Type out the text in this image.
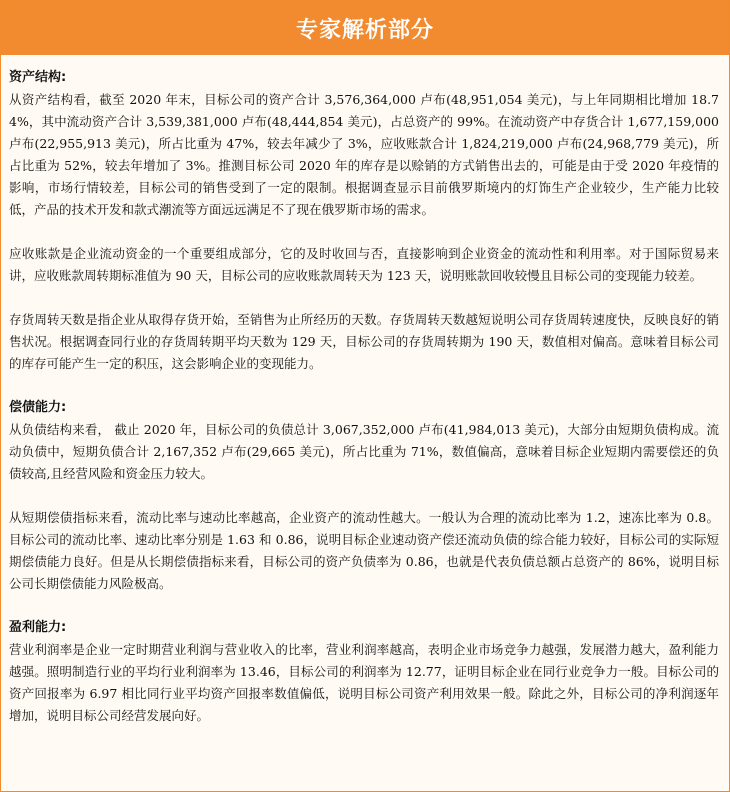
专家解析部分

资产结构:

从资产结构看，截至 2020 年末，目标公司的资产合计 3,576,364,000 卢布(48,951,054 美元)，与上年同期相比增加 18.74%，其中流动资产合计 3,539,381,000 卢布(48,444,854 美元)，占总资产的 99%。在流动资产中存货合计 1,677,159,000 卢布(22,955,913 美元)，所占比重为 47%，较去年减少了 3%，应收账款合计 1,824,219,000 卢布(24,968,779 美元)，所占比重为 52%，较去年增加了 3%。推测目标公司 2020 年的库存是以赊销的方式销售出去的，可能是由于受 2020 年疫情的影响，市场行情较差，目标公司的销售受到了一定的限制。根据调查显示目前俄罗斯境内的灯饰生产企业较少，生产能力比较低，产品的技术开发和款式潮流等方面远远满足不了现在俄罗斯市场的需求。

应收账款是企业流动资金的一个重要组成部分，它的及时收回与否，直接影响到企业资金的流动性和利用率。对于国际贸易来讲，应收账款周转期标准值为 90 天，目标公司的应收账款周转天为 123 天，说明账款回收较慢且目标公司的变现能力较差。

存货周转天数是指企业从取得存货开始，至销售为止所经历的天数。存货周转天数越短说明公司存货周转速度快，反映良好的销售状况。根据调查同行业的存货周转期平均天数为 129 天，目标公司的存货周转期为 190 天，数值相对偏高。意味着目标公司的库存可能产生一定的积压，这会影响企业的变现能力。

偿债能力:

从负债结构来看， 截止 2020 年，目标公司的负债总计 3,067,352,000 卢布(41,984,013 美元)，大部分由短期负债构成。流动负债中，短期负债合计 2,167,352 卢布(29,665 美元)，所占比重为 71%，数值偏高，意味着目标企业短期内需要偿还的负债较高,且经营风险和资金压力较大。

从短期偿债指标来看，流动比率与速动比率越高，企业资产的流动性越大。一般认为合理的流动比率为 1.2，速冻比率为 0.8。目标公司的流动比率、速动比率分别是 1.63 和 0.86，说明目标企业速动资产偿还流动负债的综合能力较好，目标公司的实际短期偿债能力良好。但是从长期偿债指标来看，目标公司的资产负债率为 0.86，也就是代表负债总额占总资产的 86%，说明目标公司长期偿债能力风险极高。

盈利能力:

营业利润率是企业一定时期营业利润与营业收入的比率，营业利润率越高，表明企业市场竞争力越强，发展潜力越大，盈利能力越强。照明制造行业的平均行业利润率为 13.46，目标公司的利润率为 12.77，证明目标企业在同行业竞争力一般。目标公司的资产回报率为 6.97 相比同行业平均资产回报率数值偏低，说明目标公司资产利用效果一般。除此之外，目标公司的净利润逐年增加，说明目标公司经营发展向好。
